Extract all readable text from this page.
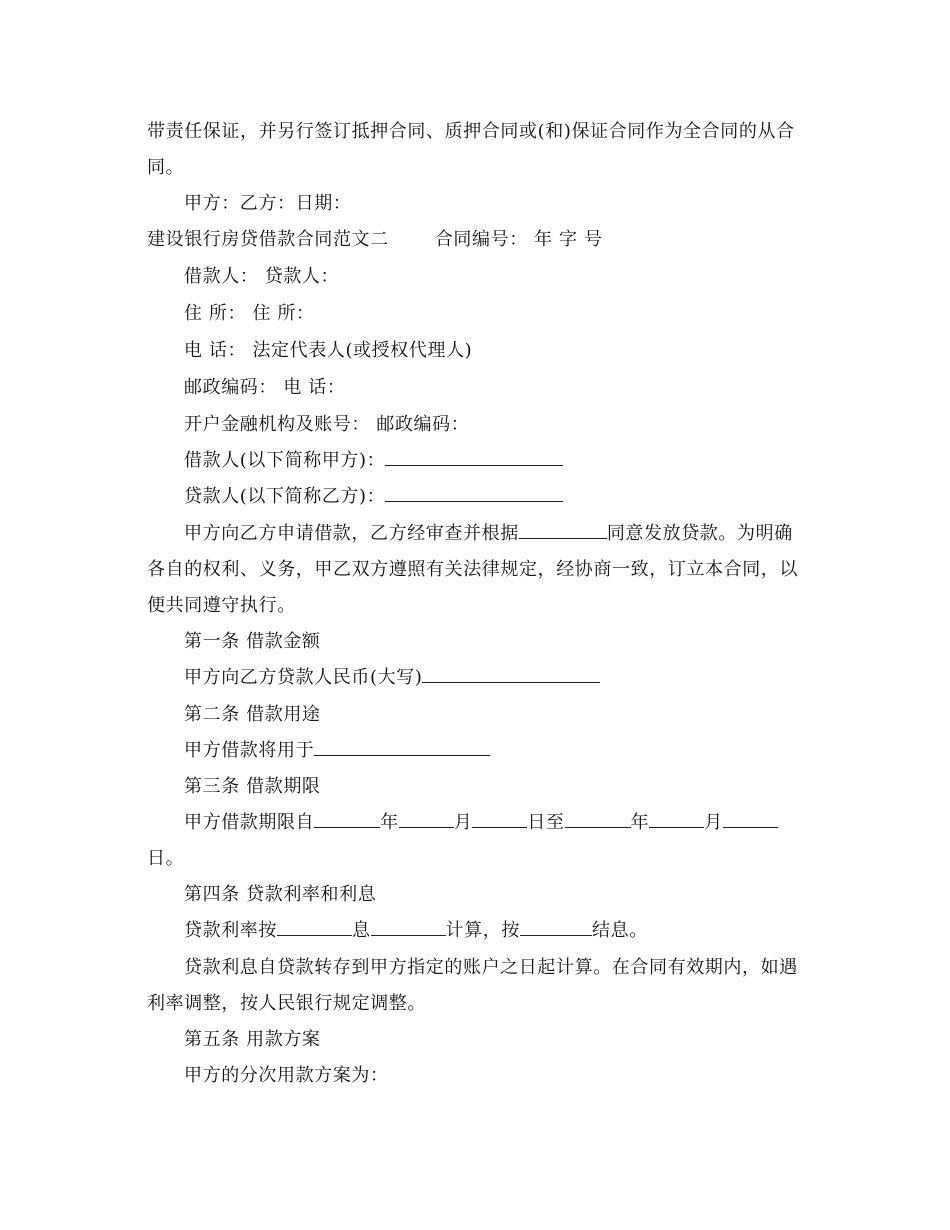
带责任保证，并另行签订抵押合同、质押合同或(和)保证合同作为全合同的从合
同。
甲方：乙方：日期：
建设银行房贷借款合同范文二	合同编号： 年 字 号
借款人： 贷款人：
住 所： 住 所：
电 话： 法定代表人(或授权代理人)
邮政编码： 电 话：
开户金融机构及账号： 邮政编码：
借款人(以下简称甲方)：
贷款人(以下简称乙方)：
甲方向乙方申请借款，乙方经审查并根据	同意发放贷款。为明确
各自的权利、义务，甲乙双方遵照有关法律规定，经协商一致，订立本合同，以
便共同遵守执行。
第一条 借款金额
甲方向乙方贷款人民币(大写)
第二条 借款用途
甲方借款将用于
第三条 借款期限
甲方借款期限自	年	月	日至	年	月
日。
第四条 贷款利率和利息
贷款利率按	息	计算，按	结息。
贷款利息自贷款转存到甲方指定的账户之日起计算。在合同有效期内，如遇
利率调整，按人民银行规定调整。
第五条 用款方案
甲方的分次用款方案为：
